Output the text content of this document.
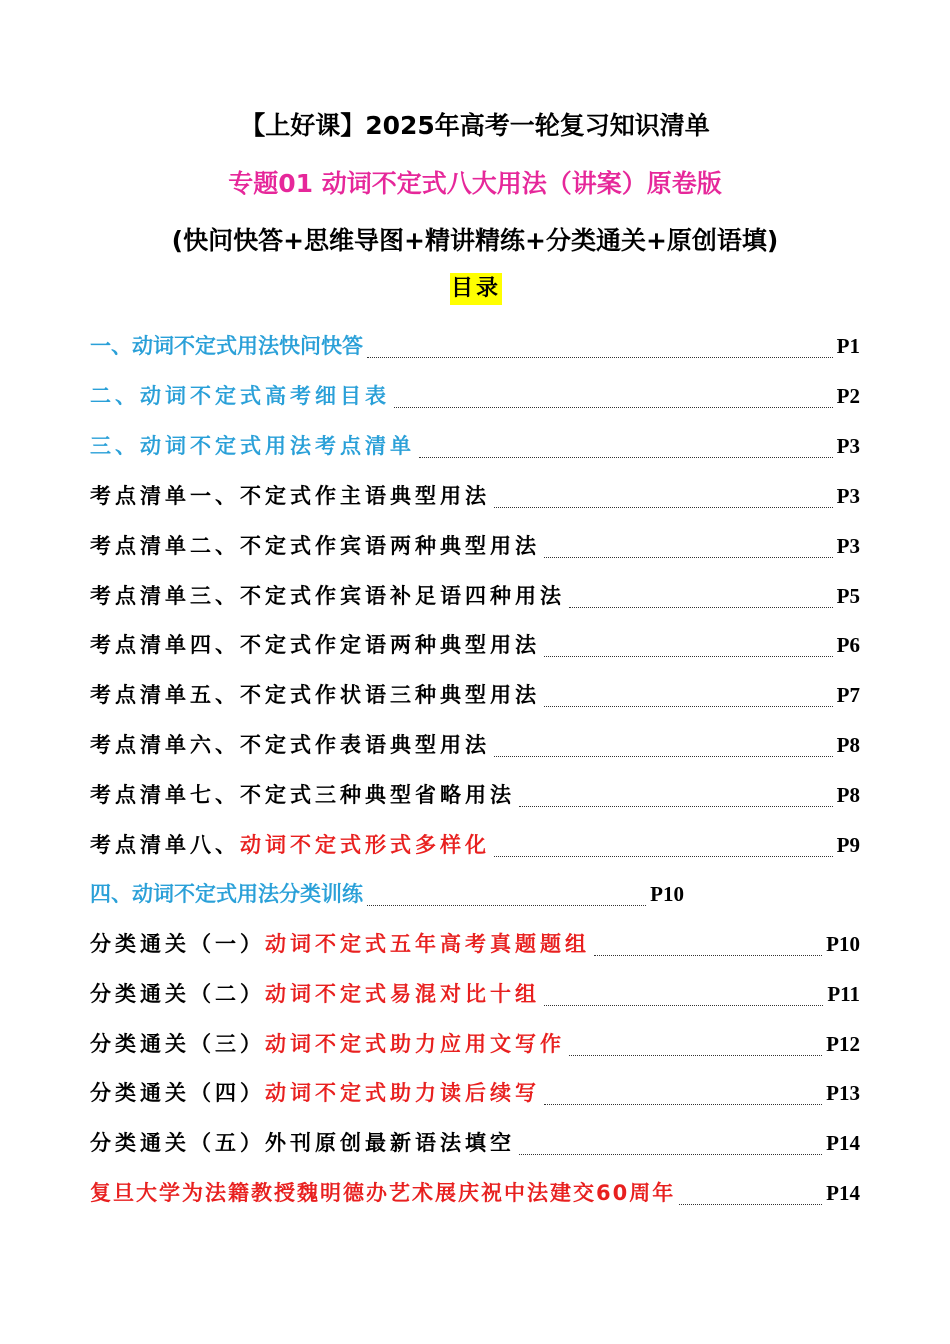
【上好课】2025年高考一轮复习知识清单
专题01 动词不定式八大用法（讲案）原卷版
(快问快答+思维导图+精讲精练+分类通关+原创语填)
目录
一、动词不定式用法快问快答	P1
二、动词不定式高考细目表	P2
三、动词不定式用法考点清单	P3
考点清单一、不定式作主语典型用法	P3
考点清单二、不定式作宾语两种典型用法	P3
考点清单三、不定式作宾语补足语四种用法	P5
考点清单四、不定式作定语两种典型用法	P6
考点清单五、不定式作状语三种典型用法	P7
考点清单六、不定式作表语典型用法	P8
考点清单七、不定式三种典型省略用法	P8
考点清单八、 动词不定式形式多样化	P9
四、动词不定式用法分类训练	P10
分类通关（一） 动词不定式五年高考真题题组	P10
分类通关（二） 动词不定式易混对比十组	P11
分类通关（三） 动词不定式助力应用文写作	P12
分类通关（四） 动词不定式助力读后续写	P13
分类通关（五）外刊原创最新语法填空	P14
复旦大学为法籍教授魏明德办艺术展庆祝中法建交60周年	P14
